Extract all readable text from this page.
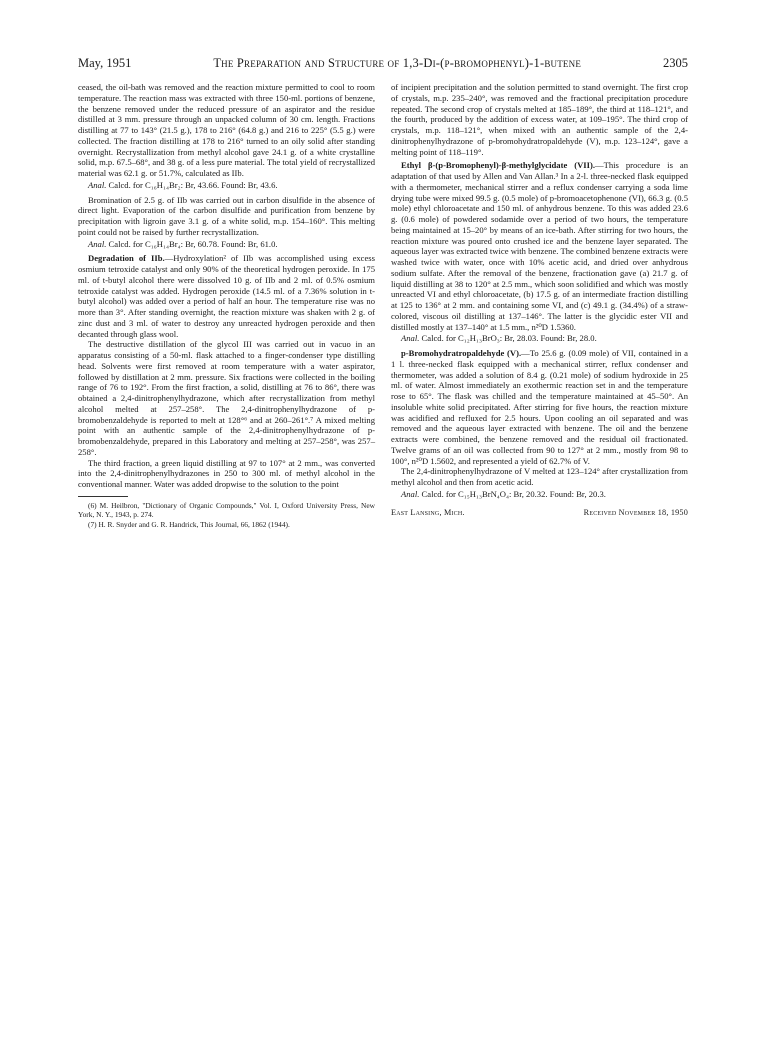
May, 1951	The Preparation and Structure of 1,3-Di-(p-bromophenyl)-1-butene	2305

ceased, the oil-bath was removed and the reaction mixture permitted to cool to room temperature. The reaction mass was extracted with three 150-ml. portions of benzene, the benzene removed under the reduced pressure of an aspirator and the residue distilled at 3 mm. pressure through an unpacked column of 30 cm. length. Fractions distilling at 77 to 143° (21.5 g.), 178 to 216° (64.8 g.) and 216 to 225° (5.5 g.) were collected. The fraction distilling at 178 to 216° turned to an oily solid after standing overnight. Recrystallization from methyl alcohol gave 24.1 g. of a white crystalline solid, m.p. 67.5–68°, and 38 g. of a less pure material. The total yield of recrystallized material was 62.1 g. or 51.7%, calculated as IIb.

Anal. Calcd. for C₁₆H₁₄Br₂: Br, 43.66. Found: Br, 43.6.

Bromination of 2.5 g. of IIb was carried out in carbon disulfide in the absence of direct light. Evaporation of the carbon disulfide and purification from benzene by precipitation with ligroin gave 3.1 g. of a white solid, m.p. 154–160°. This melting point could not be raised by further recrystallization.

Anal. Calcd. for C₁₆H₁₄Br₄: Br, 60.78. Found: Br, 61.0.

Degradation of IIb.—Hydroxylation² of IIb was accomplished using excess osmium tetroxide catalyst and only 90% of the theoretical hydrogen peroxide. In 175 ml. of t-butyl alcohol there were dissolved 10 g. of IIb and 2 ml. of 0.5% osmium tetroxide catalyst was added. Hydrogen peroxide (14.5 ml. of a 7.36% solution in t-butyl alcohol) was added over a period of half an hour. The temperature rise was no more than 3°. After standing overnight, the reaction mixture was shaken with 2 g. of zinc dust and 3 ml. of water to destroy any unreacted hydrogen peroxide and then decanted through glass wool.

The destructive distillation of the glycol III was carried out in vacuo in an apparatus consisting of a 50-ml. flask attached to a finger-condenser type distilling head. Solvents were first removed at room temperature with a water aspirator, followed by distillation at 2 mm. pressure. Six fractions were collected in the boiling range of 76 to 192°. From the first fraction, a solid, distilling at 76 to 86°, there was obtained a 2,4-dinitrophenylhydrazone, which after recrystallization from methyl alcohol melted at 257–258°. The 2,4-dinitrophenylhydrazone of p-bromobenzaldehyde is reported to melt at 128°⁶ and at 260–261°.⁷ A mixed melting point with an authentic sample of the 2,4-dinitrophenylhydrazone of p-bromobenzaldehyde, prepared in this Laboratory and melting at 257–258°, was 257–258°.

The third fraction, a green liquid distilling at 97 to 107° at 2 mm., was converted into the 2,4-dinitrophenylhydrazones in 250 to 300 ml. of methyl alcohol in the conventional manner. Water was added dropwise to the solution to the point

(6) M. Heilbron, "Dictionary of Organic Compounds," Vol. I, Oxford University Press, New York, N. Y., 1943, p. 274.

(7) H. R. Snyder and G. R. Handrick, This Journal, 66, 1862 (1944).

of incipient precipitation and the solution permitted to stand overnight. The first crop of crystals, m.p. 235–240°, was removed and the fractional precipitation procedure repeated. The second crop of crystals melted at 185–189°, the third at 118–121°, and the fourth, produced by the addition of excess water, at 109–195°. The third crop of crystals, m.p. 118–121°, when mixed with an authentic sample of the 2,4-dinitrophenylhydrazone of p-bromohydratropaldehyde (V), m.p. 123–124°, gave a melting point of 118–119°.

Ethyl β-(p-Bromophenyl)-β-methylglycidate (VII).—This procedure is an adaptation of that used by Allen and Van Allan.³ In a 2-l. three-necked flask equipped with a thermometer, mechanical stirrer and a reflux condenser carrying a soda lime drying tube were mixed 99.5 g. (0.5 mole) of p-bromoacetophenone (VI), 66.3 g. (0.5 mole) ethyl chloroacetate and 150 ml. of anhydrous benzene. To this was added 23.6 g. (0.6 mole) of powdered sodamide over a period of two hours, the temperature being maintained at 15–20° by means of an ice-bath. After stirring for two hours, the reaction mixture was poured onto crushed ice and the benzene layer separated. The aqueous layer was extracted twice with benzene. The combined benzene extracts were washed twice with water, once with 10% acetic acid, and dried over anhydrous sodium sulfate. After the removal of the benzene, fractionation gave (a) 21.7 g. of liquid distilling at 38 to 120° at 2.5 mm., which soon solidified and which was mostly unreacted VI and ethyl chloroacetate, (b) 17.5 g. of an intermediate fraction distilling at 125 to 136° at 2 mm. and containing some VI, and (c) 49.1 g. (34.4%) of a straw-colored, viscous oil distilling at 137–146°. The latter is the glycidic ester VII and distilled mostly at 137–140° at 1.5 mm., n²⁰D 1.5360.

Anal. Calcd. for C₁₂H₁₃BrO₃: Br, 28.03. Found: Br, 28.0.

p-Bromohydratropaldehyde (V).—To 25.6 g. (0.09 mole) of VII, contained in a 1 l. three-necked flask equipped with a mechanical stirrer, reflux condenser and thermometer, was added a solution of 8.4 g. (0.21 mole) of sodium hydroxide in 25 ml. of water. Almost immediately an exothermic reaction set in and the temperature rose to 65°. The flask was chilled and the temperature maintained at 45–50°. An insoluble white solid precipitated. After stirring for five hours, the reaction mixture was acidified and refluxed for 2.5 hours. Upon cooling an oil separated and was removed and the aqueous layer extracted with benzene. The oil and the benzene extracts were combined, the benzene removed and the residual oil fractionated. Twelve grams of an oil was collected from 90 to 127° at 2 mm., mostly from 98 to 100°, n²⁰D 1.5602, and represented a yield of 62.7% of V.

The 2,4-dinitrophenylhydrazone of V melted at 123–124° after crystallization from methyl alcohol and then from acetic acid.

Anal. Calcd. for C₁₅H₁₃BrN₄O₄: Br, 20.32. Found: Br, 20.3.

East Lansing, Mich.	Received November 18, 1950
